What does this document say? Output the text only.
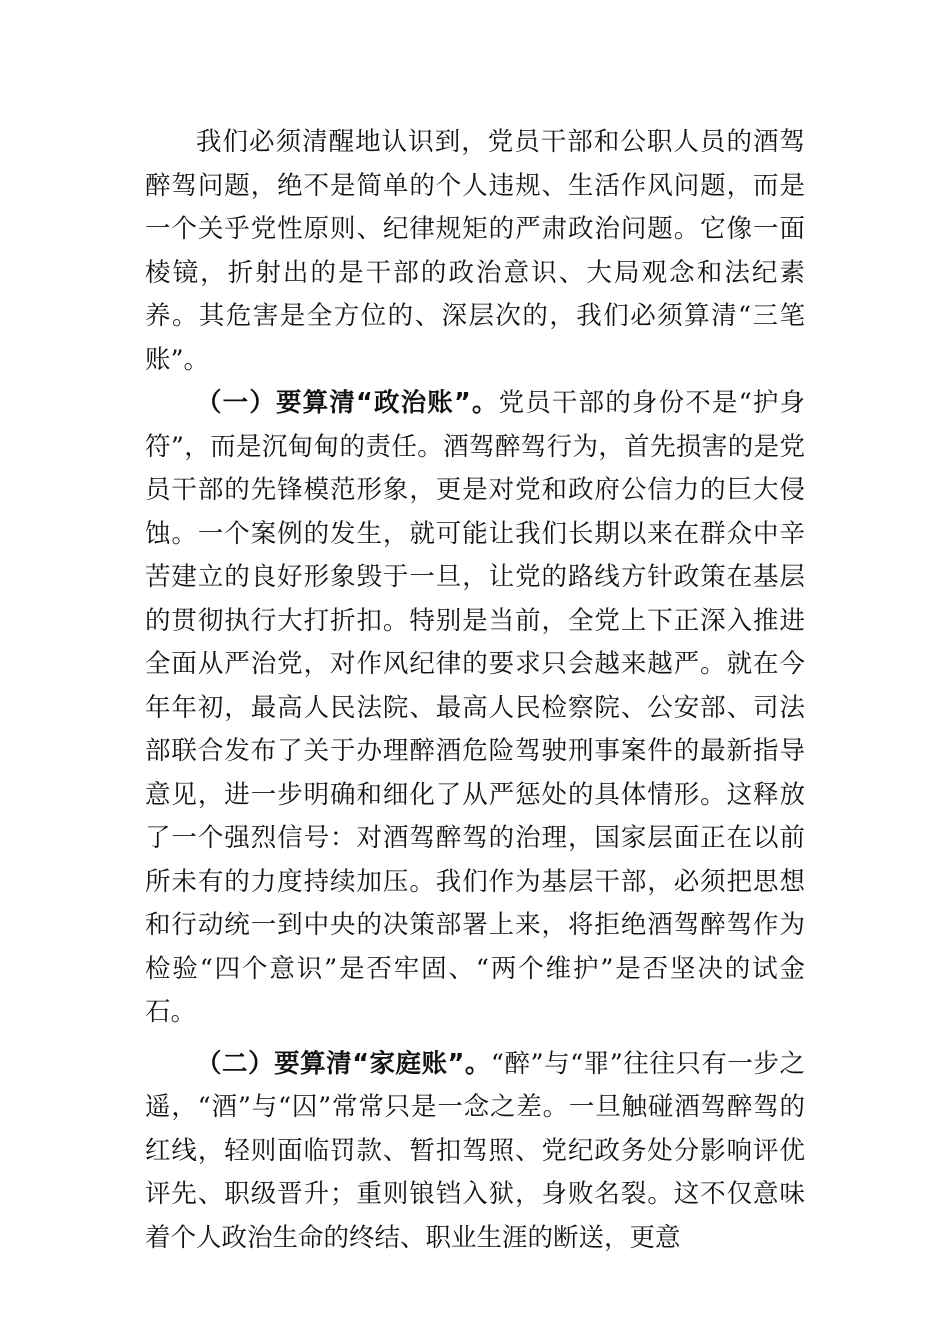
我们必须清醒地认识到，党员干部和公职人员的酒驾醉驾问题，绝不是简单的个人违规、生活作风问题，而是一个关乎党性原则、纪律规矩的严肃政治问题。它像一面棱镜，折射出的是干部的政治意识、大局观念和法纪素养。其危害是全方位的、深层次的，我们必须算清“三笔账”。

（一）要算清“政治账”。党员干部的身份不是“护身符”，而是沉甸甸的责任。酒驾醉驾行为，首先损害的是党员干部的先锋模范形象，更是对党和政府公信力的巨大侵蚀。一个案例的发生，就可能让我们长期以来在群众中辛苦建立的良好形象毁于一旦，让党的路线方针政策在基层的贯彻执行大打折扣。特别是当前，全党上下正深入推进全面从严治党，对作风纪律的要求只会越来越严。就在今年年初，最高人民法院、最高人民检察院、公安部、司法部联合发布了关于办理醉酒危险驾驶刑事案件的最新指导意见，进一步明确和细化了从严惩处的具体情形。这释放了一个强烈信号：对酒驾醉驾的治理，国家层面正在以前所未有的力度持续加压。我们作为基层干部，必须把思想和行动统一到中央的决策部署上来，将拒绝酒驾醉驾作为检验“四个意识”是否牢固、“两个维护”是否坚决的试金石。

（二）要算清“家庭账”。“醉”与“罪”往往只有一步之遥，“酒”与“囚”常常只是一念之差。一旦触碰酒驾醉驾的红线，轻则面临罚款、暂扣驾照、党纪政务处分影响评优评先、职级晋升；重则锒铛入狱，身败名裂。这不仅意味着个人政治生命的终结、职业生涯的断送，更意
